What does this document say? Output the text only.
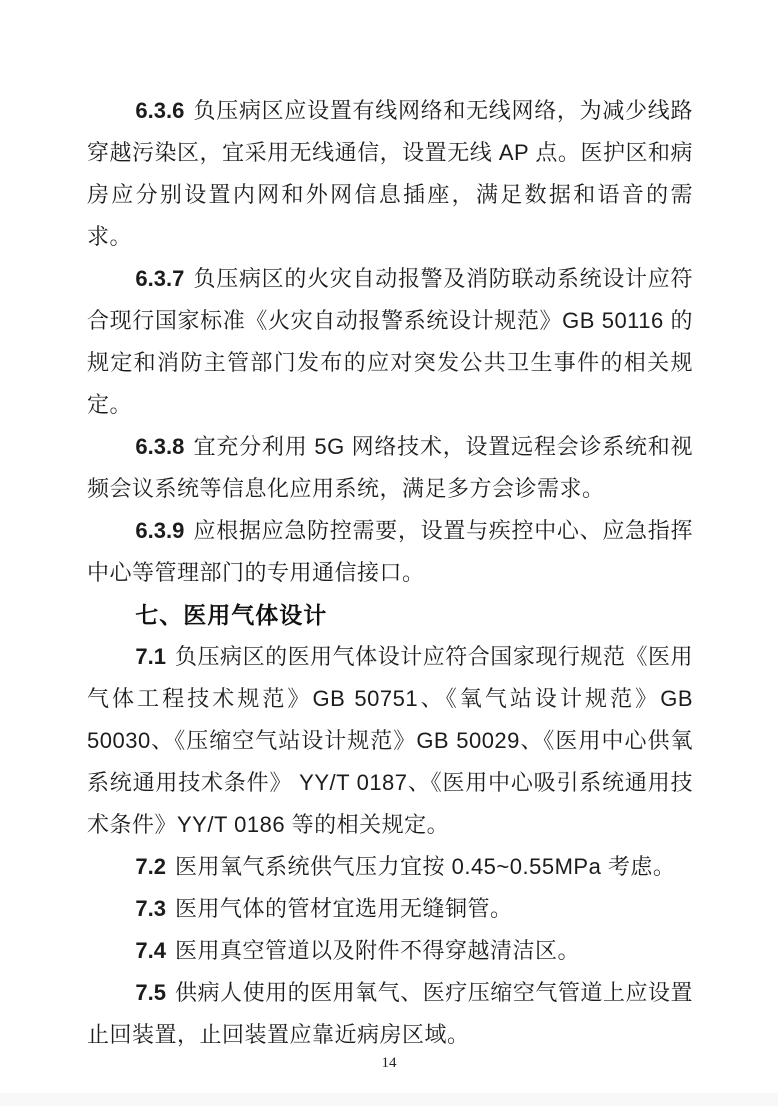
6.3.6 负压病区应设置有线网络和无线网络，为减少线路穿越污染区，宜采用无线通信，设置无线 AP 点。医护区和病房应分别设置内网和外网信息插座，满足数据和语音的需求。

6.3.7 负压病区的火灾自动报警及消防联动系统设计应符合现行国家标准《火灾自动报警系统设计规范》GB 50116 的规定和消防主管部门发布的应对突发公共卫生事件的相关规定。

6.3.8 宜充分利用 5G 网络技术，设置远程会诊系统和视频会议系统等信息化应用系统，满足多方会诊需求。

6.3.9 应根据应急防控需要，设置与疾控中心、应急指挥中心等管理部门的专用通信接口。

七、医用气体设计

7.1 负压病区的医用气体设计应符合国家现行规范《医用气体工程技术规范》GB 50751、《氧气站设计规范》GB 50030、《压缩空气站设计规范》GB 50029、《医用中心供氧系统通用技术条件》 YY/T 0187、《医用中心吸引系统通用技术条件》YY/T 0186 等的相关规定。

7.2 医用氧气系统供气压力宜按 0.45~0.55MPa 考虑。

7.3 医用气体的管材宜选用无缝铜管。

7.4 医用真空管道以及附件不得穿越清洁区。

7.5 供病人使用的医用氧气、医疗压缩空气管道上应设置止回装置，止回装置应靠近病房区域。

14
